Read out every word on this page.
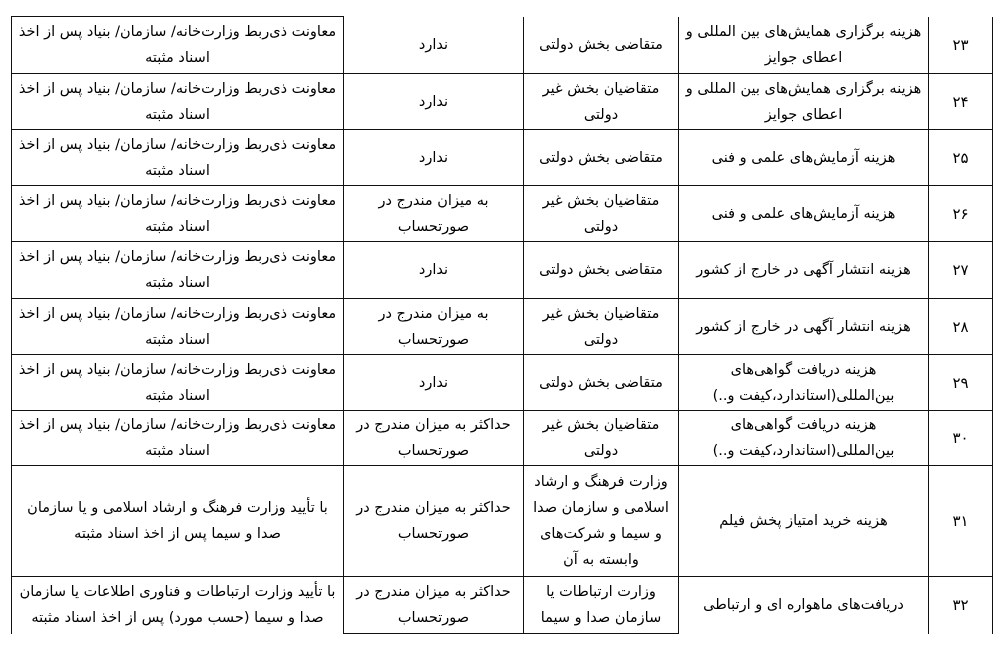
۲۳	هزینه برگزاری همایش‌های بین المللی و اعطای جوایز	متقاضی بخش دولتی	ندارد	معاونت ذی‌ربط وزارت‌خانه/ سازمان/ بنیاد پس از اخذ اسناد مثبته
۲۴	هزینه برگزاری همایش‌های بین المللی و اعطای جوایز	متقاضیان بخش غیر دولتی	ندارد	معاونت ذی‌ربط وزارت‌خانه/ سازمان/ بنیاد پس از اخذ اسناد مثبته
۲۵	هزینه آزمایش‌های علمی و فنی	متقاضی بخش دولتی	ندارد	معاونت ذی‌ربط وزارت‌خانه/ سازمان/ بنیاد پس از اخذ اسناد مثبته
۲۶	هزینه آزمایش‌های علمی و فنی	متقاضیان بخش غیر دولتی	به میزان مندرج در صورتحساب	معاونت ذی‌ربط وزارت‌خانه/ سازمان/ بنیاد پس از اخذ اسناد مثبته
۲۷	هزینه انتشار آگهی در خارج از کشور	متقاضی بخش دولتی	ندارد	معاونت ذی‌ربط وزارت‌خانه/ سازمان/ بنیاد پس از اخذ اسناد مثبته
۲۸	هزینه انتشار آگهی در خارج از کشور	متقاضیان بخش غیر دولتی	به میزان مندرج در صورتحساب	معاونت ذی‌ربط وزارت‌خانه/ سازمان/ بنیاد پس از اخذ اسناد مثبته
۲۹	هزینه دریافت گواهی‌های بین‌المللی(استاندارد،کیفت و..)	متقاضی بخش دولتی	ندارد	معاونت ذی‌ربط وزارت‌خانه/ سازمان/ بنیاد پس از اخذ اسناد مثبته
۳۰	هزینه دریافت گواهی‌های بین‌المللی(استاندارد،کیفت و..)	متقاضیان بخش غیر دولتی	حداکثر به میزان مندرج در صورتحساب	معاونت ذی‌ربط وزارت‌خانه/ سازمان/ بنیاد پس از اخذ اسناد مثبته
۳۱	هزینه خرید امتیاز پخش فیلم	وزارت فرهنگ و ارشاد اسلامی و سازمان صدا و سیما و شرکت‌های وابسته به آن	حداکثر به میزان مندرج در صورتحساب	با تأیید وزارت فرهنگ و ارشاد اسلامی و یا سازمان صدا و سیما پس از اخذ اسناد مثبته
۳۲	دریافت‌های ماهواره ای و ارتباطی	وزارت ارتباطات یا سازمان صدا و سیما	حداکثر به میزان مندرج در صورتحساب	با تأیید وزارت ارتباطات و فناوری اطلاعات یا سازمان صدا و سیما (حسب مورد) پس از اخذ اسناد مثبته
